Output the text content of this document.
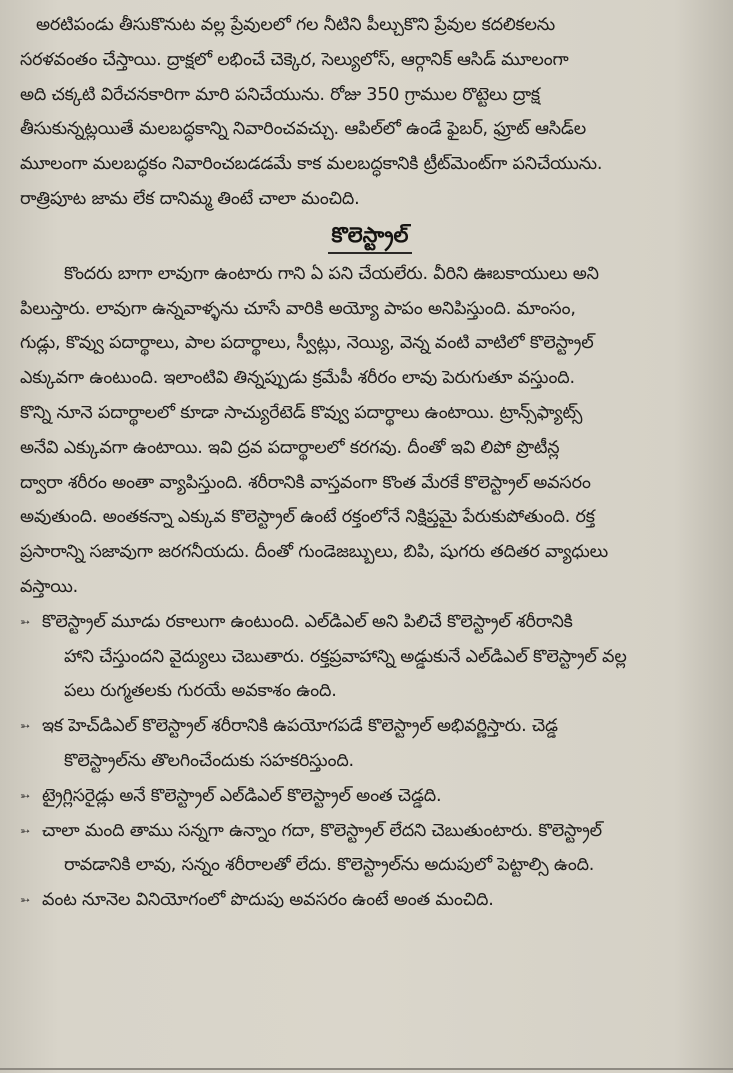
అరటిపండు తీసుకొనుట వల్ల ప్రేవులలో గల నీటిని పీల్చుకొని ప్రేవుల కదలికలను
సరళవంతం చేస్తాయి. ద్రాక్షలో లభించే చెక్కెర, సెల్యులోస్, ఆర్గానిక్ ఆసిడ్ మూలంగా
అది చక్కటి విరేచనకారిగా మారి పనిచేయును. రోజు 350 గ్రాముల రొట్టెలు ద్రాక్ష
తీసుకున్నట్లయితే మలబద్ధకాన్ని నివారించవచ్చు. ఆపిల్‌లో ఉండే ఫైబర్, ఫ్రూట్ ఆసిడ్‌ల
మూలంగా మలబద్ధకం నివారించబడడమే కాక మలబద్ధకానికి ట్రీట్‌మెంట్‌గా పనిచేయును.
రాత్రిపూట జామ లేక దానిమ్మ తింటే చాలా మంచిది.
కొలెస్ట్రాల్
కొందరు బాగా లావుగా ఉంటారు గాని ఏ పని చేయలేరు. వీరిని ఊబకాయులు అని
పిలుస్తారు. లావుగా ఉన్నవాళ్ళను చూసే వారికి అయ్యో పాపం అనిపిస్తుంది. మాంసం,
గుడ్లు, కొవ్వు పదార్థాలు, పాల పదార్థాలు, స్వీట్లు, నెయ్యి, వెన్న వంటి వాటిలో కొలెస్ట్రాల్
ఎక్కువగా ఉంటుంది. ఇలాంటివి తిన్నప్పుడు క్రమేపీ శరీరం లావు పెరుగుతూ వస్తుంది.
కొన్ని నూనె పదార్థాలలో కూడా సాచ్యురేటెడ్ కొవ్వు పదార్థాలు ఉంటాయి. ట్రాన్స్‌ఫ్యాట్స్
అనేవి ఎక్కువగా ఉంటాయి. ఇవి ద్రవ పదార్థాలలో కరగవు. దీంతో ఇవి లిపో ప్రొటీన్ల
ద్వారా శరీరం అంతా వ్యాపిస్తుంది. శరీరానికి వాస్తవంగా కొంత మేరకే కొలెస్ట్రాల్ అవసరం
అవుతుంది. అంతకన్నా ఎక్కువ కొలెస్ట్రాల్ ఉంటే రక్తంలోనే నిక్షిప్తమై పేరుకుపోతుంది. రక్త
ప్రసారాన్ని సజావుగా జరగనీయదు. దీంతో గుండెజబ్బులు, బిపి, షుగరు తదితర వ్యాధులు
వస్తాయి.
➳ కొలెస్ట్రాల్ మూడు రకాలుగా ఉంటుంది. ఎల్‌డిఎల్ అని పిలిచే కొలెస్ట్రాల్ శరీరానికి
హాని చేస్తుందని వైద్యులు చెబుతారు. రక్తప్రవాహాన్ని అడ్డుకునే ఎల్‌డిఎల్ కొలెస్ట్రాల్ వల్ల
పలు రుగ్మతలకు గురయే అవకాశం ఉంది.
➳ ఇక హెచ్‌డిఎల్ కొలెస్ట్రాల్ శరీరానికి ఉపయోగపడే కొలెస్ట్రాల్ అభివర్ణిస్తారు. చెడ్డ
కొలెస్ట్రాల్‌ను తొలగించేందుకు సహకరిస్తుంది.
➳ ట్రైగ్లిసరైడ్లు అనే కొలెస్ట్రాల్ ఎల్‌డిఎల్ కొలెస్ట్రాల్ అంత చెడ్డది.
➳ చాలా మంది తాము సన్నగా ఉన్నాం గదా, కొలెస్ట్రాల్ లేదని చెబుతుంటారు. కొలెస్ట్రాల్
రావడానికి లావు, సన్నం శరీరాలతో లేదు. కొలెస్ట్రాల్‌ను అదుపులో పెట్టాల్సి ఉంది.
➳ వంట నూనెల వినియోగంలో పొదుపు అవసరం ఉంటే అంత మంచిది.
